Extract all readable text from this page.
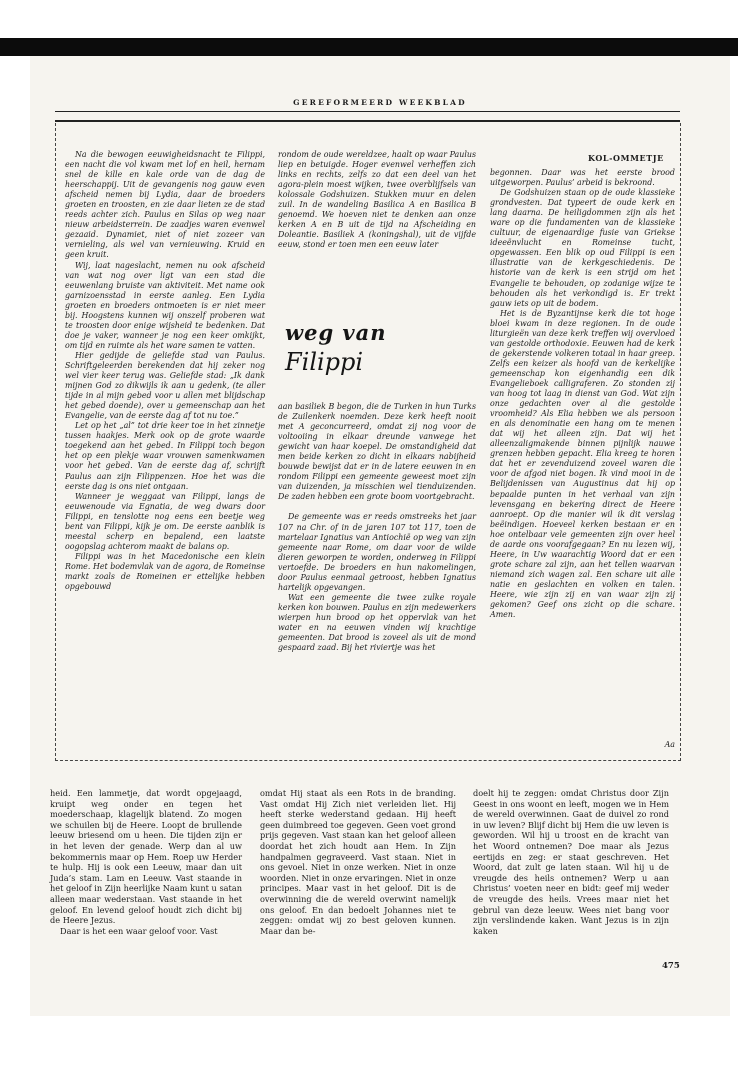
GEREFORMEERD WEEKBLAD
KOL-OMMETJE

Na die bewogen eeuwigheidsnacht te Filippi, een nacht die vol kwam met lof en heil, hernam snel de kille en kale orde van de dag de heerschappij. Uit de gevangenis nog gauw even afscheid nemen bij Lydia, daar de broeders groeten en troosten, en zie daar lieten ze de stad reeds achter zich. Paulus en Silas op weg naar nieuw arbeidsterrein. De zaadjes waren evenwel gezaaid. Dynamiet, niet of niet zozeer van vernieling, als wel van vernieuwing. Kruid en geen kruit.

Wij, laat nageslacht, nemen nu ook afscheid van wat nog over ligt van een stad die eeuwenlang bruiste van aktiviteit. Met name ook garnizoensstad in eerste aanleg. Een Lydia groeten en broeders ontmoeten is er niet meer bij. Hoogstens kunnen wij onszelf proberen wat te troosten door enige wijsheid te bedenken. Dat doe je vaker, wanneer je nog een keer omkijkt, om tijd en ruimte als het ware samen te vatten.

Hier gedijde de geliefde stad van Paulus. Schriftgeleerden berekenden dat hij zeker nog wel vier keer terug was. Geliefde stad: „Ik dank mijnen God zo dikwijls ik aan u gedenk, (te aller tijde in al mijn gebed voor u allen met blijdschap het gebed doende), over u gemeenschap aan het Evangelie, van de eerste dag af tot nu toe.”

Let op het „al” tot drie keer toe in het zinnetje tussen haakjes. Merk ook op de grote waarde toegekend aan het gebed. In Filippi toch begon het op een plekje waar vrouwen samenkwamen voor het gebed. Van de eerste dag af, schrijft Paulus aan zijn Filippenzen. Hoe het was die eerste dag is ons niet ontgaan.

Wanneer je weggaat van Filippi, langs de eeuwenoude via Egnatia, de weg dwars door Filippi, en tenslotte nog eens een beetje weg bent van Filippi, kijk je om. De eerste aanblik is meestal scherp en bepalend, een laatste oogopslag achterom maakt de balans op.

Filippi was in het Macedonische een klein Rome. Het bodemvlak van de agora, de Romeinse markt zoals de Romeinen er ettelijke hebben opgebouwd

rondom de oude wereldzee, haalt op waar Paulus liep en betuigde. Hoger evenwel verheffen zich links en rechts, zelfs zo dat een deel van het agora-plein moest wijken, twee overblijfsels van kolossale Godshuizen. Stukken muur en delen zuil. In de wandeling Basilica A en Basilica B genoemd. We hoeven niet te denken aan onze kerken A en B uit de tijd na Afscheiding en Doleantie. Basiliek A (koningshal), uit de vijfde eeuw, stond er toen men een eeuw later

weg van
Filippi

aan basiliek B begon, die de Turken in hun Turks de Zuilenkerk noemden. Deze kerk heeft nooit met A geconcurreerd, omdat zij nog voor de voltooiing in elkaar dreunde vanwege het gewicht van haar koepel. De omstandigheid dat men beide kerken zo dicht in elkaars nabijheid bouwde bewijst dat er in de latere eeuwen in en rondom Filippi een gemeente geweest moet zijn van duizenden, ja misschien wel tienduizenden. De zaden hebben een grote boom voortgebracht.

De gemeente was er reeds omstreeks het jaar 107 na Chr. of in de jaren 107 tot 117, toen de martelaar Ignatius van Antiochië op weg van zijn gemeente naar Rome, om daar voor de wilde dieren geworpen te worden, onderweg in Filippi vertoefde. De broeders en hun nakomelingen, door Paulus eenmaal getroost, hebben Ignatius hartelijk opgevangen.

Wat een gemeente die twee zulke royale kerken kon bouwen. Paulus en zijn medewerkers wierpen hun brood op het oppervlak van het water en na eeuwen vinden wij krachtige gemeenten. Dat brood is zoveel als uit de mond gespaard zaad. Bij het riviertje was het

begonnen. Daar was het eerste brood uitgeworpen. Paulus’ arbeid is bekroond.

De Godshuizen staan op de oude klassieke grondvesten. Dat typeert de oude kerk en lang daarna. De heiligdommen zijn als het ware op die fundamenten van de klassieke cultuur, de eigenaardige fusie van Griekse ideeënvlucht en Romeinse tucht, opgewassen. Een blik op oud Filippi is een illustratie van de kerkgeschiedenis. De historie van de kerk is een strijd om het Evangelie te behouden, op zodanige wijze te behouden als het verkondigd is. Er trekt gauw iets op uit de bodem.

Het is de Byzantijnse kerk die tot hoge bloei kwam in deze regionen. In de oude liturgieën van deze kerk treffen wij overvloed van gestolde orthodoxie. Eeuwen had de kerk de gekerstende volkeren totaal in haar greep. Zelfs een keizer als hoofd van de kerkelijke gemeenschap kon eigenhandig een dik Evangelieboek calligraferen. Zo stonden zij van hoog tot laag in dienst van God. Wat zijn onze gedachten over al die gestolde vroomheid? Als Elia hebben we als persoon en als denominatie een hang om te menen dat wij het alleen zijn. Dat wij het alleenzaligmakende binnen pijnlijk nauwe grenzen hebben gepacht. Elia kreeg te horen dat het er zevenduizend zoveel waren die voor de afgod niet bogen. Ik vind mooi in de Belijdenissen van Augustinus dat hij op bepaalde punten in het verhaal van zijn levensgang en bekering direct de Heere aanroept. Op die manier wil ik dit verslag beëindigen. Hoeveel kerken bestaan er en hoe ontelbaar vele gemeenten zijn over heel de aarde ons voorafgegaan? En nu lezen wij, Heere, in Uw waarachtig Woord dat er een grote schare zal zijn, aan het tellen waarvan niemand zich wagen zal. Een schare uit alle natie en geslachten en volken en talen. Heere, wie zijn zij en van waar zijn zij gekomen? Geef ons zicht op die schare. Amen.

Aa

heid. Een lammetje, dat wordt opgejaagd, kruipt weg onder en tegen het moederschaap, klagelijk blatend. Zo mogen we schuilen bij de Heere. Loopt de brullende leeuw briesend om u heen. Die tijden zijn er in het leven der genade. Werp dan al uw bekommernis maar op Hem. Roep uw Herder te hulp. Hij is ook een Leeuw, maar dan uit Juda’s stam. Lam en Leeuw. Vast staande in het geloof in Zijn heerlijke Naam kunt u satan alleen maar wederstaan. Vast staande in het geloof. En levend geloof houdt zich dicht bij de Heere Jezus.

Daar is het een waar geloof voor. Vast

omdat Hij staat als een Rots in de branding. Vast omdat Hij Zich niet verleiden liet. Hij heeft sterke wederstand gedaan. Hij heeft geen duimbreed toe gegeven. Geen voet grond prijs gegeven. Vast staan kan het geloof alleen doordat het zich houdt aan Hem. In Zijn handpalmen gegraveerd. Vast staan. Niet in ons gevoel. Niet in onze werken. Niet in onze woorden. Niet in onze ervaringen. Niet in onze principes. Maar vast in het geloof. Dit is de overwinning die de wereld overwint namelijk ons geloof. En dan bedoelt Johannes niet te zeggen: omdat wij zo best geloven kunnen. Maar dan be-

doelt hij te zeggen: omdat Christus door Zijn Geest in ons woont en leeft, mogen we in Hem de wereld overwinnen. Gaat de duivel zo rond in uw leven? Blijf dicht bij Hem die uw leven is geworden. Wil hij u troost en de kracht van het Woord ontnemen? Doe maar als Jezus eertijds en zeg: er staat geschreven. Het Woord, dat zult ge laten staan. Wil hij u de vreugde des heils ontnemen? Werp u aan Christus’ voeten neer en bidt: geef mij weder de vreugde des heils. Vrees maar niet het gebrul van deze leeuw. Wees niet bang voor zijn verslindende kaken. Want Jezus is in zijn kaken

475
